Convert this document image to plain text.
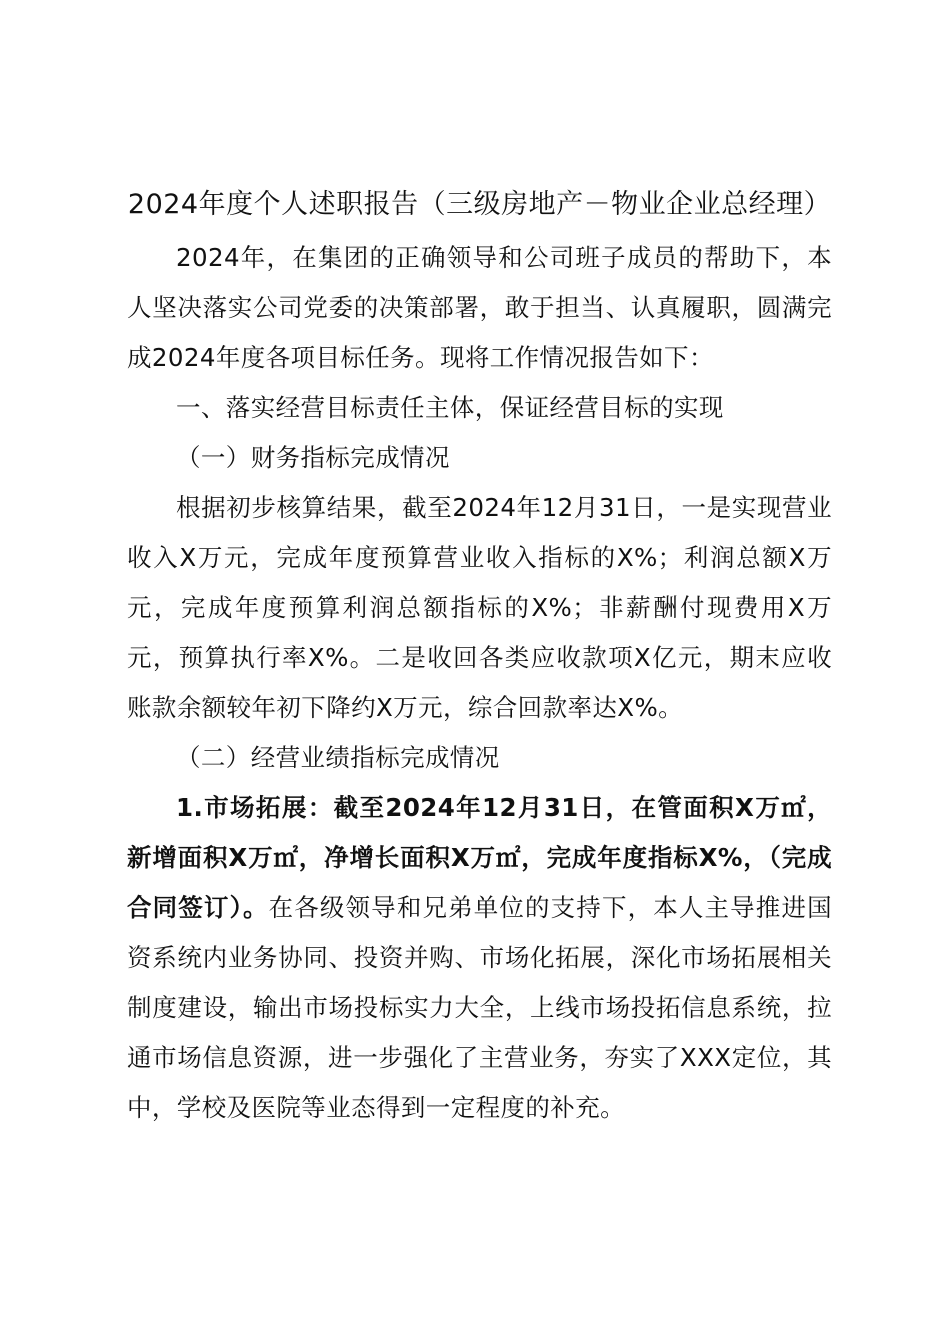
2024年度个人述职报告（三级房地产－物业企业总经理）

2024年，在集团的正确领导和公司班子成员的帮助下，本人坚决落实公司党委的决策部署，敢于担当、认真履职，圆满完成2024年度各项目标任务。现将工作情况报告如下：

一、落实经营目标责任主体，保证经营目标的实现

（一）财务指标完成情况

根据初步核算结果，截至2024年12月31日，一是实现营业收入X万元，完成年度预算营业收入指标的X%；利润总额X万元，完成年度预算利润总额指标的X%；非薪酬付现费用X万元，预算执行率X%。二是收回各类应收款项X亿元，期末应收账款余额较年初下降约X万元，综合回款率达X%。

（二）经营业绩指标完成情况

1.市场拓展：截至2024年12月31日，在管面积X万㎡，新增面积X万㎡，净增长面积X万㎡，完成年度指标X%，（完成合同签订）。在各级领导和兄弟单位的支持下，本人主导推进国资系统内业务协同、投资并购、市场化拓展，深化市场拓展相关制度建设，输出市场投标实力大全，上线市场投拓信息系统，拉通市场信息资源，进一步强化了主营业务，夯实了XXX定位，其中，学校及医院等业态得到一定程度的补充。
